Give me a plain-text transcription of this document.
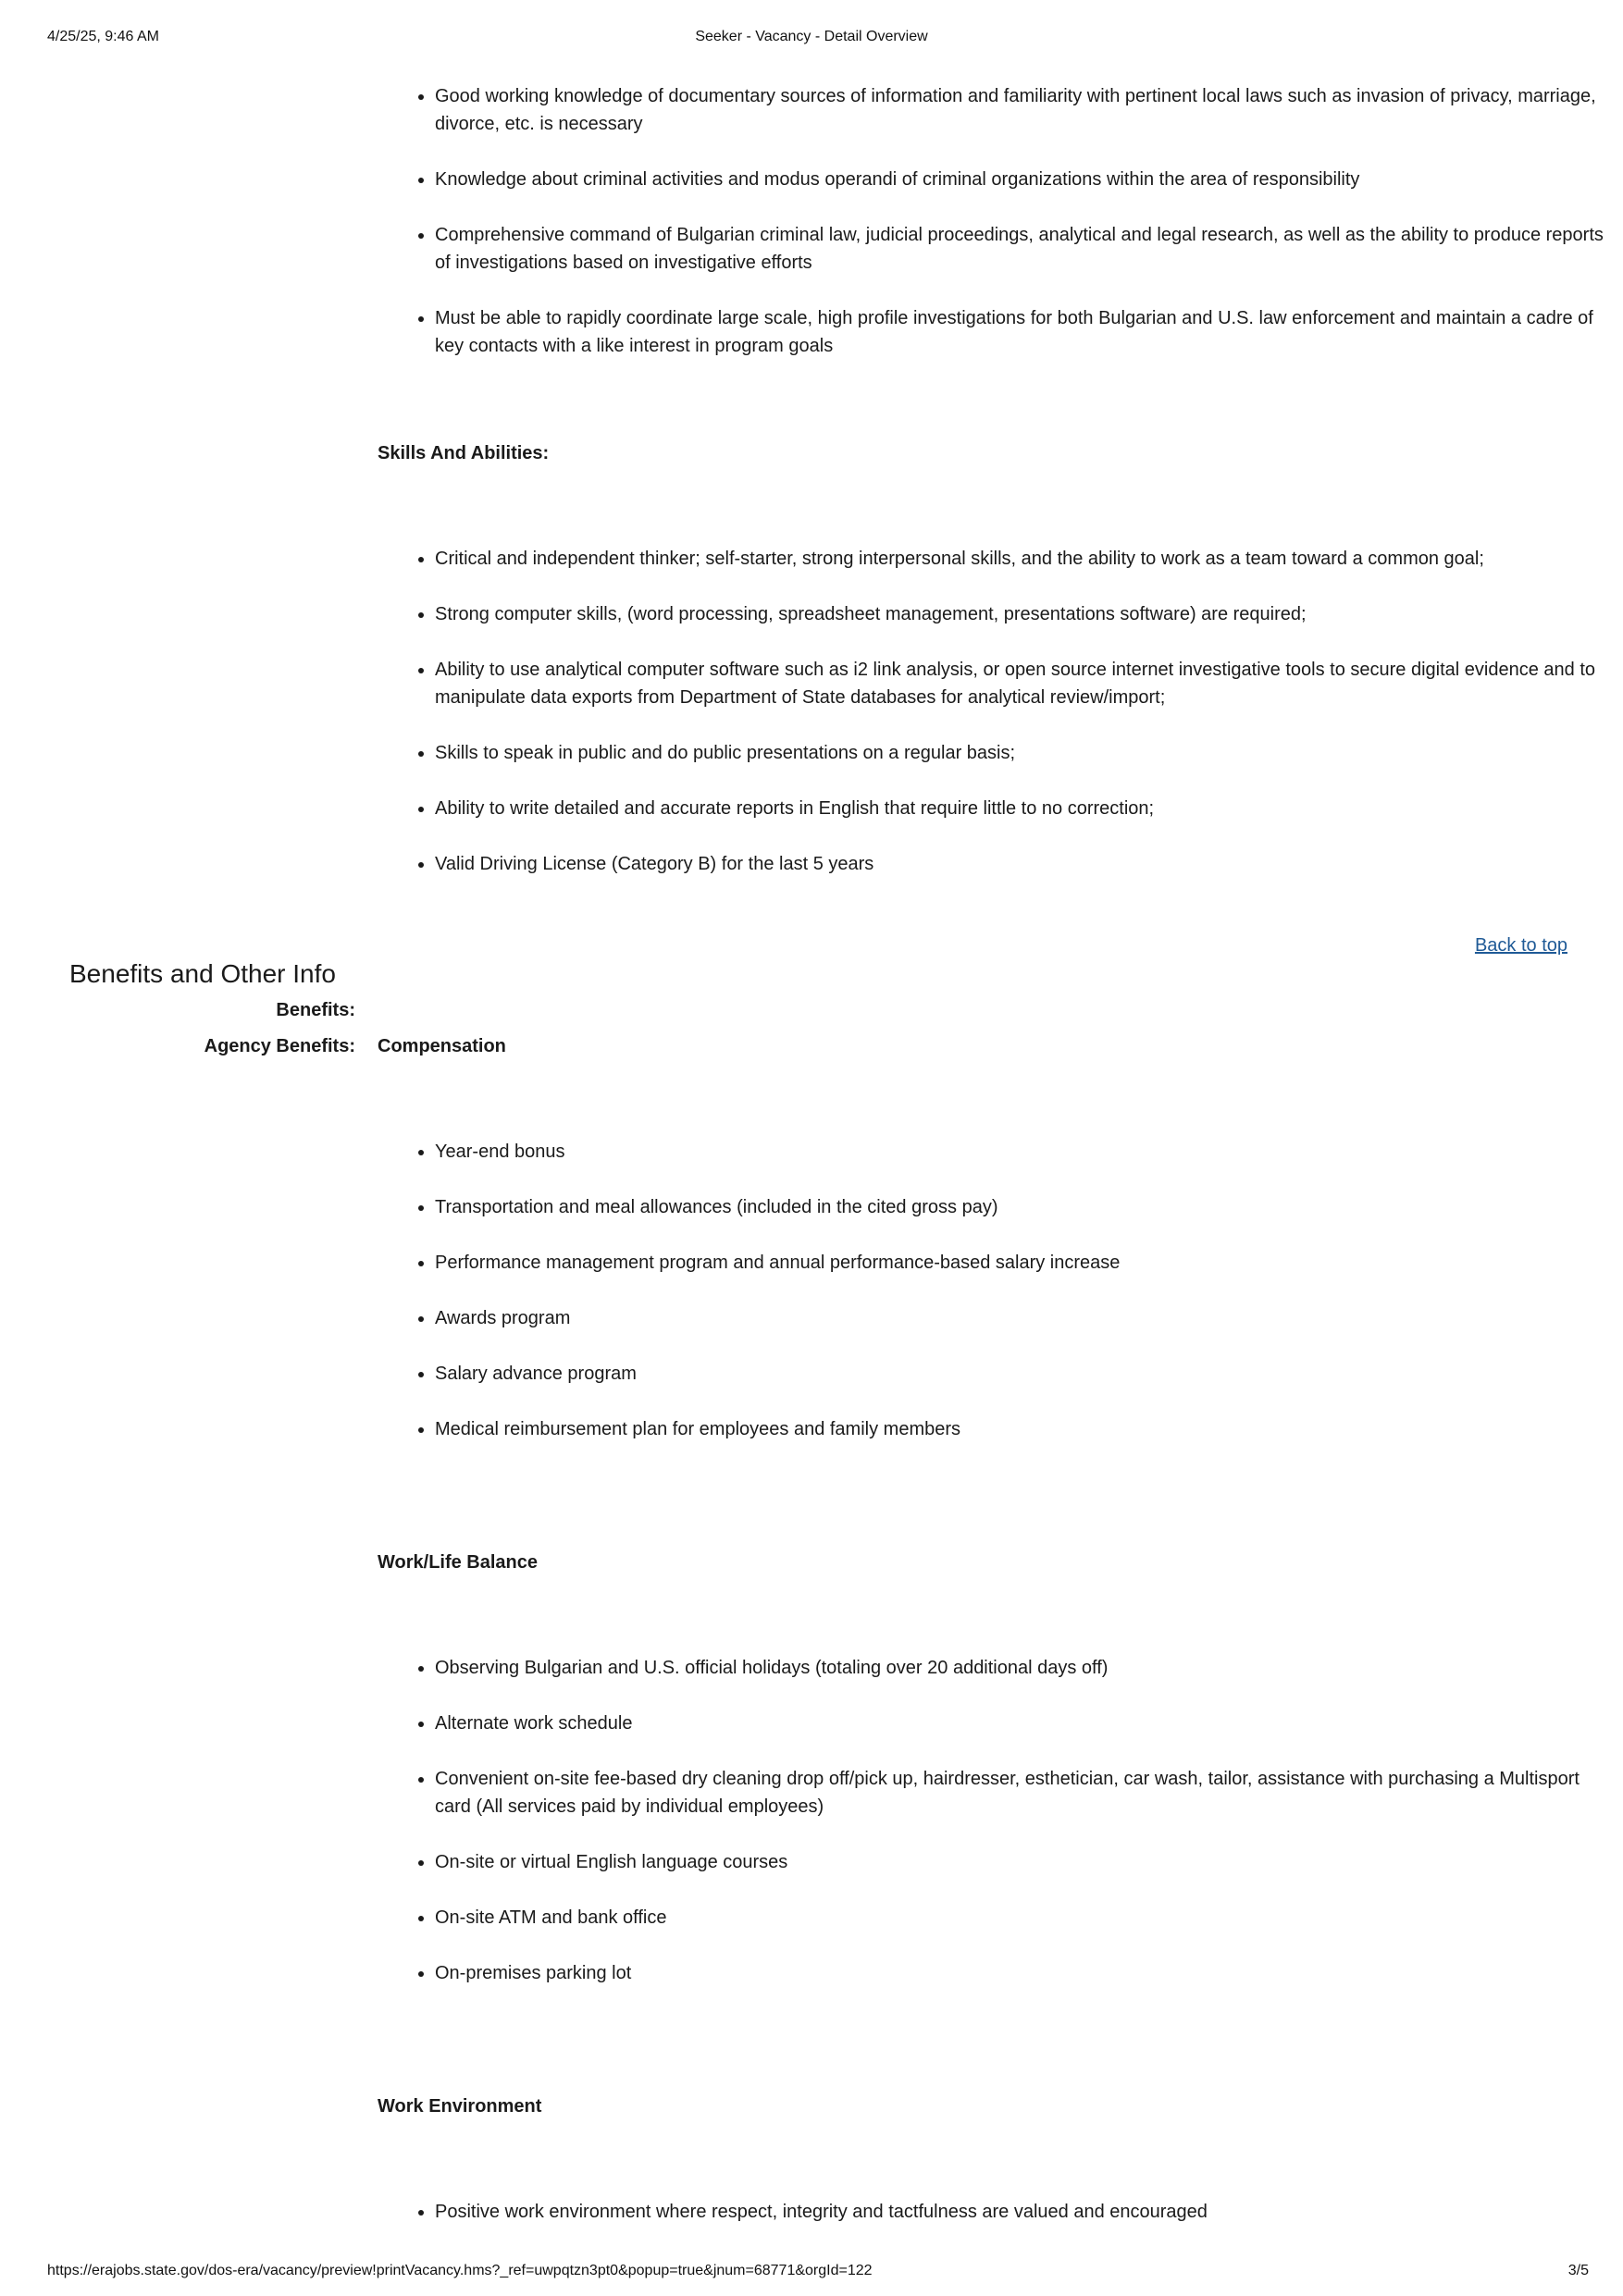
4/25/25, 9:46 AM	Seeker - Vacancy - Detail Overview
• Good working knowledge of documentary sources of information and familiarity with pertinent local laws such as invasion of privacy, marriage, divorce, etc. is necessary
• Knowledge about criminal activities and modus operandi of criminal organizations within the area of responsibility
• Comprehensive command of Bulgarian criminal law, judicial proceedings, analytical and legal research, as well as the ability to produce reports of investigations based on investigative efforts
• Must be able to rapidly coordinate large scale, high profile investigations for both Bulgarian and U.S. law enforcement and maintain a cadre of key contacts with a like interest in program goals
Skills And Abilities:
• Critical and independent thinker; self-starter, strong interpersonal skills, and the ability to work as a team toward a common goal;
• Strong computer skills, (word processing, spreadsheet management, presentations software) are required;
• Ability to use analytical computer software such as i2 link analysis, or open source internet investigative tools to secure digital evidence and to manipulate data exports from Department of State databases for analytical review/import;
• Skills to speak in public and do public presentations on a regular basis;
• Ability to write detailed and accurate reports in English that require little to no correction;
• Valid Driving License (Category B) for the last 5 years
Back to top
Benefits and Other Info
Benefits:
Agency Benefits: Compensation
• Year-end bonus
• Transportation and meal allowances (included in the cited gross pay)
• Performance management program and annual performance-based salary increase
• Awards program
• Salary advance program
• Medical reimbursement plan for employees and family members
Work/Life Balance
• Observing Bulgarian and U.S. official holidays (totaling over 20 additional days off)
• Alternate work schedule
• Convenient on-site fee-based dry cleaning drop off/pick up, hairdresser, esthetician, car wash, tailor, assistance with purchasing a Multisport card (All services paid by individual employees)
• On-site or virtual English language courses
• On-site ATM and bank office
• On-premises parking lot
Work Environment
• Positive work environment where respect, integrity and tactfulness are valued and encouraged
https://erajobs.state.gov/dos-era/vacancy/preview!printVacancy.hms?_ref=uwpqtzn3pt0&popup=true&jnum=68771&orgId=122	3/5
